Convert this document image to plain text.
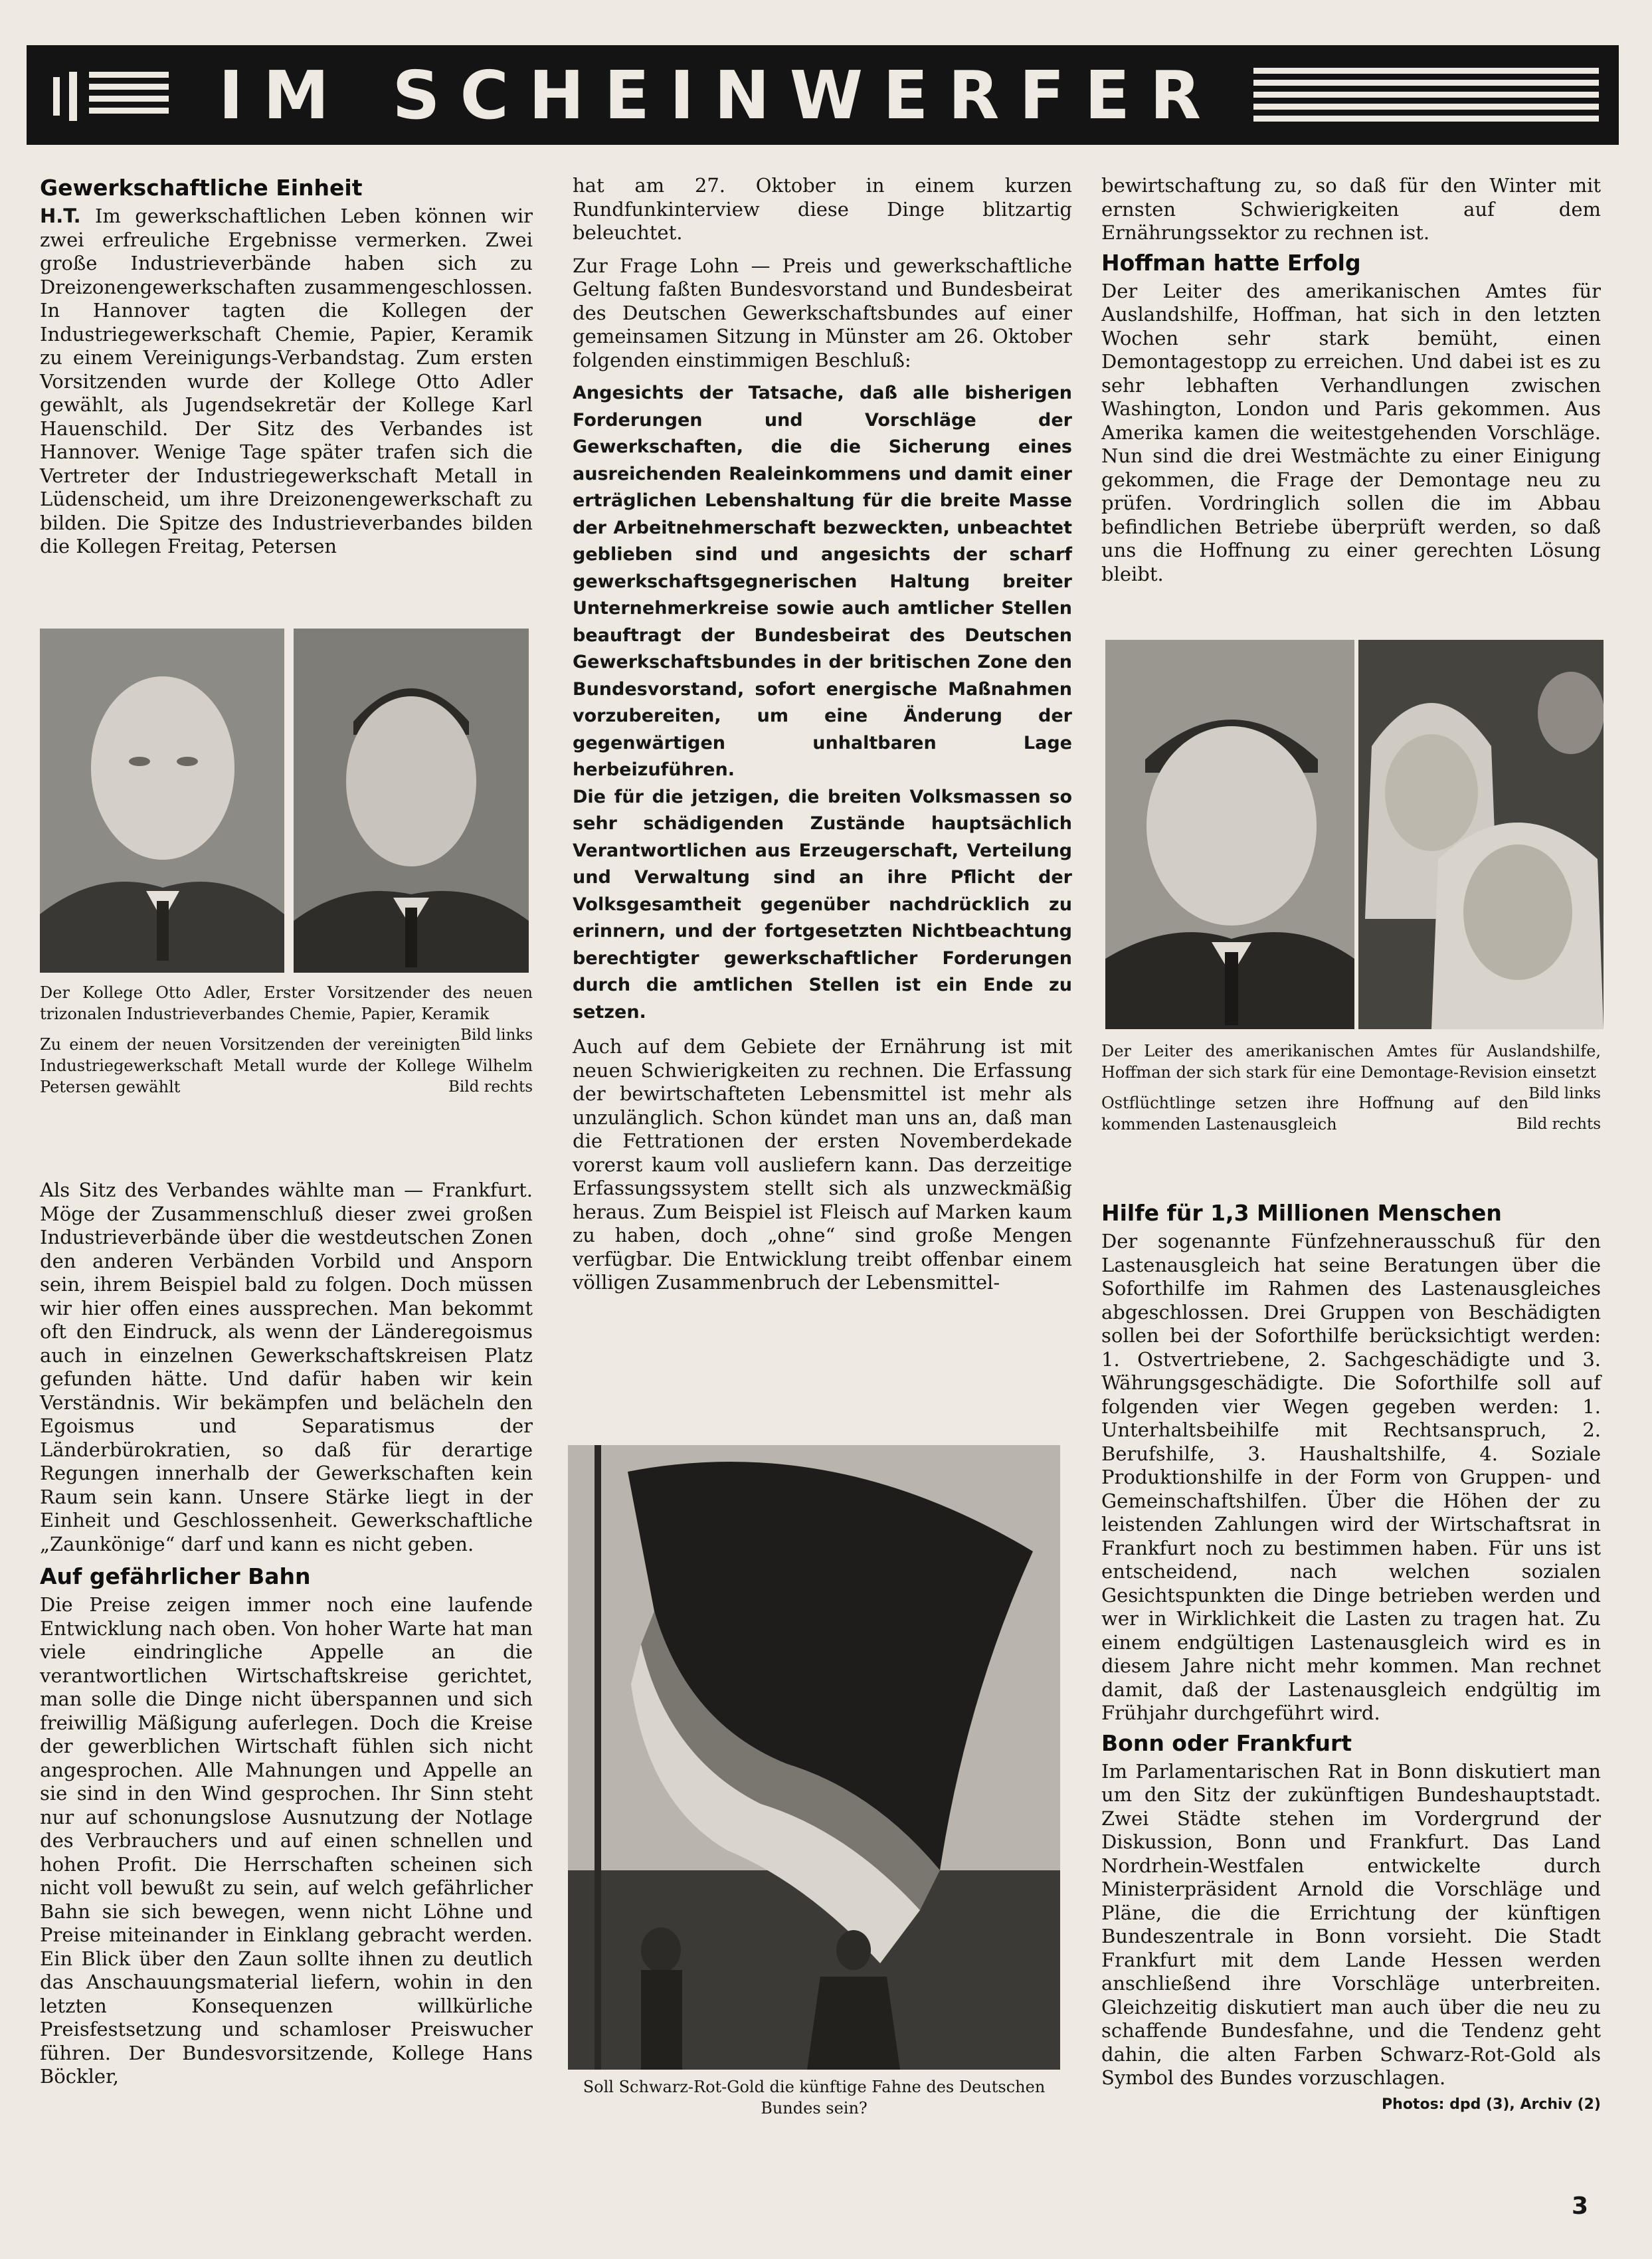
IM SCHEINWERFER
Gewerkschaftliche Einheit

H.T. Im gewerkschaftlichen Leben können wir zwei erfreuliche Ergebnisse vermerken. Zwei große Industrieverbände haben sich zu Dreizonengewerkschaften zusammengeschlossen. In Hannover tagten die Kollegen der Industriegewerkschaft Chemie, Papier, Keramik zu einem Vereinigungs-Verbandstag. Zum ersten Vorsitzenden wurde der Kollege Otto Adler gewählt, als Jugendsekretär der Kollege Karl Hauenschild. Der Sitz des Verbandes ist Hannover. Wenige Tage später trafen sich die Vertreter der Industriegewerkschaft Metall in Lüdenscheid, um ihre Dreizonengewerkschaft zu bilden. Die Spitze des Industrieverbandes bilden die Kollegen Freitag, Petersen

Der Kollege Otto Adler, Erster Vorsitzender des neuen trizonalen Industrieverbandes Chemie, Papier, Keramik
Bild links

Zu einem der neuen Vorsitzenden der vereinigten Industriegewerkschaft Metall wurde der Kollege Wilhelm Petersen gewählt	Bild rechts

Als Sitz des Verbandes wählte man — Frankfurt. Möge der Zusammenschluß dieser zwei großen Industrieverbände über die westdeutschen Zonen den anderen Verbänden Vorbild und Ansporn sein, ihrem Beispiel bald zu folgen. Doch müssen wir hier offen eines aussprechen. Man bekommt oft den Eindruck, als wenn der Länderegoismus auch in einzelnen Gewerkschaftskreisen Platz gefunden hätte. Und dafür haben wir kein Verständnis. Wir bekämpfen und belächeln den Egoismus und Separatismus der Länderbürokratien, so daß für derartige Regungen innerhalb der Gewerkschaften kein Raum sein kann. Unsere Stärke liegt in der Einheit und Geschlossenheit. Gewerkschaftliche „Zaunkönige“ darf und kann es nicht geben.

Auf gefährlicher Bahn

Die Preise zeigen immer noch eine laufende Entwicklung nach oben. Von hoher Warte hat man viele eindringliche Appelle an die verantwortlichen Wirtschaftskreise gerichtet, man solle die Dinge nicht überspannen und sich freiwillig Mäßigung auferlegen. Doch die Kreise der gewerblichen Wirtschaft fühlen sich nicht angesprochen. Alle Mahnungen und Appelle an sie sind in den Wind gesprochen. Ihr Sinn steht nur auf schonungslose Ausnutzung der Notlage des Verbrauchers und auf einen schnellen und hohen Profit. Die Herrschaften scheinen sich nicht voll bewußt zu sein, auf welch gefährlicher Bahn sie sich bewegen, wenn nicht Löhne und Preise miteinander in Einklang gebracht werden. Ein Blick über den Zaun sollte ihnen zu deutlich das Anschauungsmaterial liefern, wohin in den letzten Konsequenzen willkürliche Preisfestsetzung und schamloser Preiswucher führen. Der Bundesvorsitzende, Kollege Hans Böckler,

hat am 27. Oktober in einem kurzen Rundfunkinterview diese Dinge blitzartig beleuchtet.

Zur Frage Lohn — Preis und gewerkschaftliche Geltung faßten Bundesvorstand und Bundesbeirat des Deutschen Gewerkschaftsbundes auf einer gemeinsamen Sitzung in Münster am 26. Oktober folgenden einstimmigen Beschluß:

Angesichts der Tatsache, daß alle bisherigen Forderungen und Vorschläge der Gewerkschaften, die die Sicherung eines ausreichenden Realeinkommens und damit einer erträglichen Lebenshaltung für die breite Masse der Arbeitnehmerschaft bezweckten, unbeachtet geblieben sind und angesichts der scharf gewerkschaftsgegnerischen Haltung breiter Unternehmerkreise sowie auch amtlicher Stellen beauftragt der Bundesbeirat des Deutschen Gewerkschaftsbundes in der britischen Zone den Bundesvorstand, sofort energische Maßnahmen vorzubereiten, um eine Änderung der gegenwärtigen unhaltbaren Lage herbeizuführen.

Die für die jetzigen, die breiten Volksmassen so sehr schädigenden Zustände hauptsächlich Verantwortlichen aus Erzeugerschaft, Verteilung und Verwaltung sind an ihre Pflicht der Volksgesamtheit gegenüber nachdrücklich zu erinnern, und der fortgesetzten Nichtbeachtung berechtigter gewerkschaftlicher Forderungen durch die amtlichen Stellen ist ein Ende zu setzen.

Auch auf dem Gebiete der Ernährung ist mit neuen Schwierigkeiten zu rechnen. Die Erfassung der bewirtschafteten Lebensmittel ist mehr als unzulänglich. Schon kündet man uns an, daß man die Fettrationen der ersten Novemberdekade vorerst kaum voll ausliefern kann. Das derzeitige Erfassungssystem stellt sich als unzweckmäßig heraus. Zum Beispiel ist Fleisch auf Marken kaum zu haben, doch „ohne“ sind große Mengen verfügbar. Die Entwicklung treibt offenbar einem völligen Zusammenbruch der Lebensmittel-

Soll Schwarz-Rot-Gold die künftige Fahne des Deutschen Bundes sein?

bewirtschaftung zu, so daß für den Winter mit ernsten Schwierigkeiten auf dem Ernährungssektor zu rechnen ist.

Hoffman hatte Erfolg

Der Leiter des amerikanischen Amtes für Auslandshilfe, Hoffman, hat sich in den letzten Wochen sehr stark bemüht, einen Demontagestopp zu erreichen. Und dabei ist es zu sehr lebhaften Verhandlungen zwischen Washington, London und Paris gekommen. Aus Amerika kamen die weitestgehenden Vorschläge. Nun sind die drei Westmächte zu einer Einigung gekommen, die Frage der Demontage neu zu prüfen. Vordringlich sollen die im Abbau befindlichen Betriebe überprüft werden, so daß uns die Hoffnung zu einer gerechten Lösung bleibt.

Der Leiter des amerikanischen Amtes für Auslandshilfe, Hoffman der sich stark für eine Demontage-Revision einsetzt
Bild links

Ostflüchtlinge setzen ihre Hoffnung auf den kommenden Lastenausgleich	Bild rechts

Hilfe für 1,3 Millionen Menschen

Der sogenannte Fünfzehnerausschuß für den Lastenausgleich hat seine Beratungen über die Soforthilfe im Rahmen des Lastenausgleiches abgeschlossen. Drei Gruppen von Beschädigten sollen bei der Soforthilfe berücksichtigt werden: 1. Ostvertriebene, 2. Sachgeschädigte und 3. Währungsgeschädigte. Die Soforthilfe soll auf folgenden vier Wegen gegeben werden: 1. Unterhaltsbeihilfe mit Rechtsanspruch, 2. Berufshilfe, 3. Haushaltshilfe, 4. Soziale Produktionshilfe in der Form von Gruppen- und Gemeinschaftshilfen. Über die Höhen der zu leistenden Zahlungen wird der Wirtschaftsrat in Frankfurt noch zu bestimmen haben. Für uns ist entscheidend, nach welchen sozialen Gesichtspunkten die Dinge betrieben werden und wer in Wirklichkeit die Lasten zu tragen hat. Zu einem endgültigen Lastenausgleich wird es in diesem Jahre nicht mehr kommen. Man rechnet damit, daß der Lastenausgleich endgültig im Frühjahr durchgeführt wird.

Bonn oder Frankfurt

Im Parlamentarischen Rat in Bonn diskutiert man um den Sitz der zukünftigen Bundeshauptstadt. Zwei Städte stehen im Vordergrund der Diskussion, Bonn und Frankfurt. Das Land Nordrhein-Westfalen entwickelte durch Ministerpräsident Arnold die Vorschläge und Pläne, die die Errichtung der künftigen Bundeszentrale in Bonn vorsieht. Die Stadt Frankfurt mit dem Lande Hessen werden anschließend ihre Vorschläge unterbreiten. Gleichzeitig diskutiert man auch über die neu zu schaffende Bundesfahne, und die Tendenz geht dahin, die alten Farben Schwarz-Rot-Gold als Symbol des Bundes vorzuschlagen.
Photos: dpd (3), Archiv (2)

3
